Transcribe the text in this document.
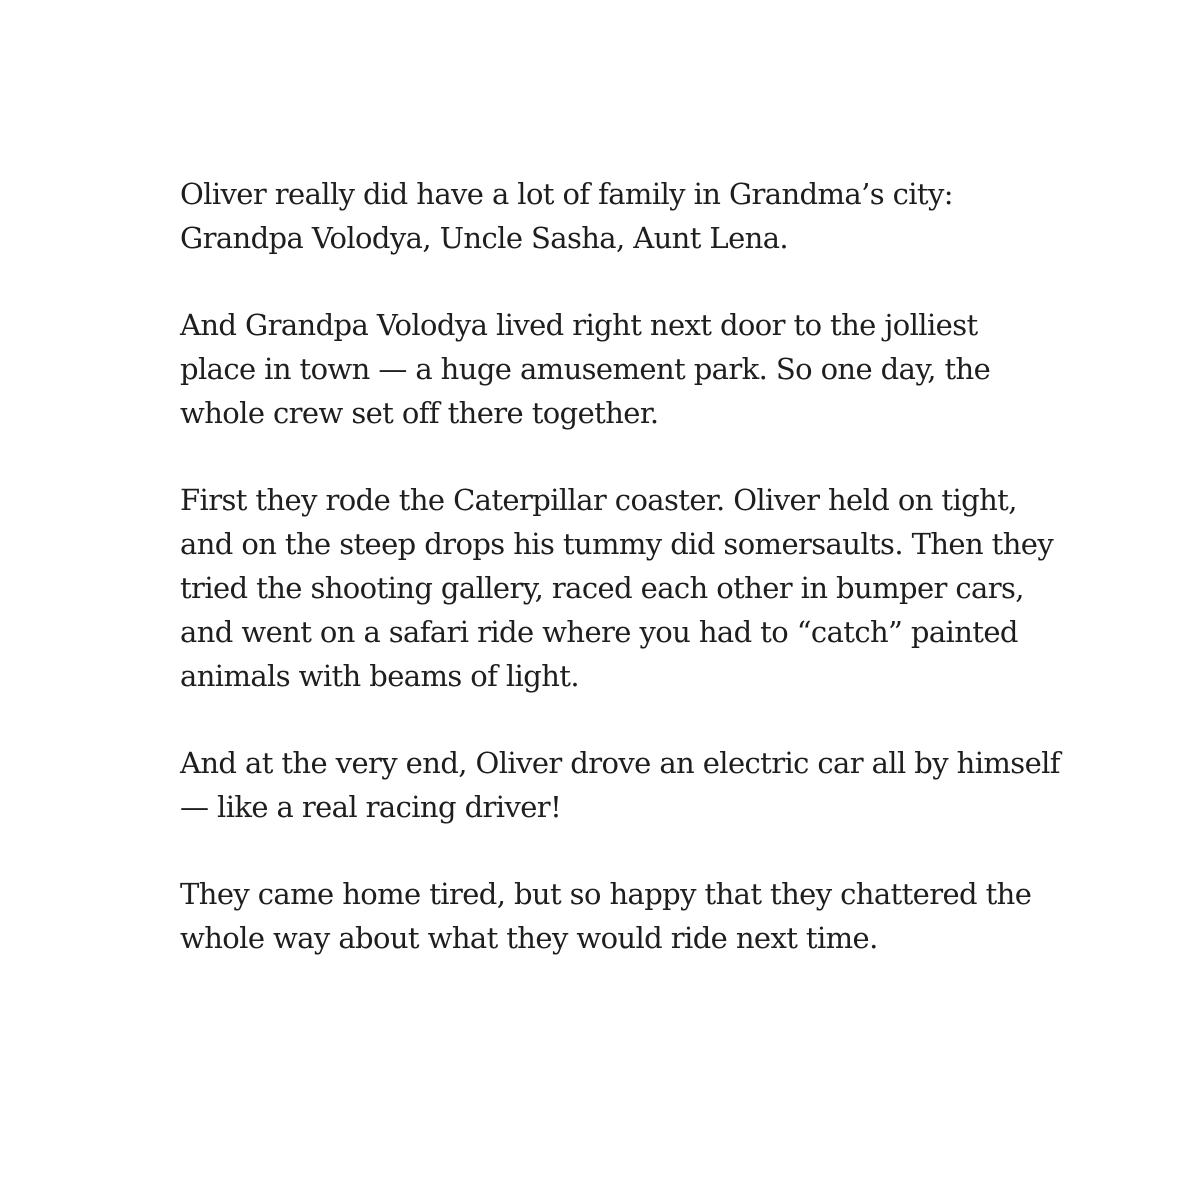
Oliver really did have a lot of family in Grandma’s city:
Grandpa Volodya, Uncle Sasha, Aunt Lena.

And Grandpa Volodya lived right next door to the jolliest
place in town — a huge amusement park. So one day, the
whole crew set off there together.

First they rode the Caterpillar coaster. Oliver held on tight,
and on the steep drops his tummy did somersaults. Then they
tried the shooting gallery, raced each other in bumper cars,
and went on a safari ride where you had to “catch” painted
animals with beams of light.

And at the very end, Oliver drove an electric car all by himself
— like a real racing driver!

They came home tired, but so happy that they chattered the
whole way about what they would ride next time.
